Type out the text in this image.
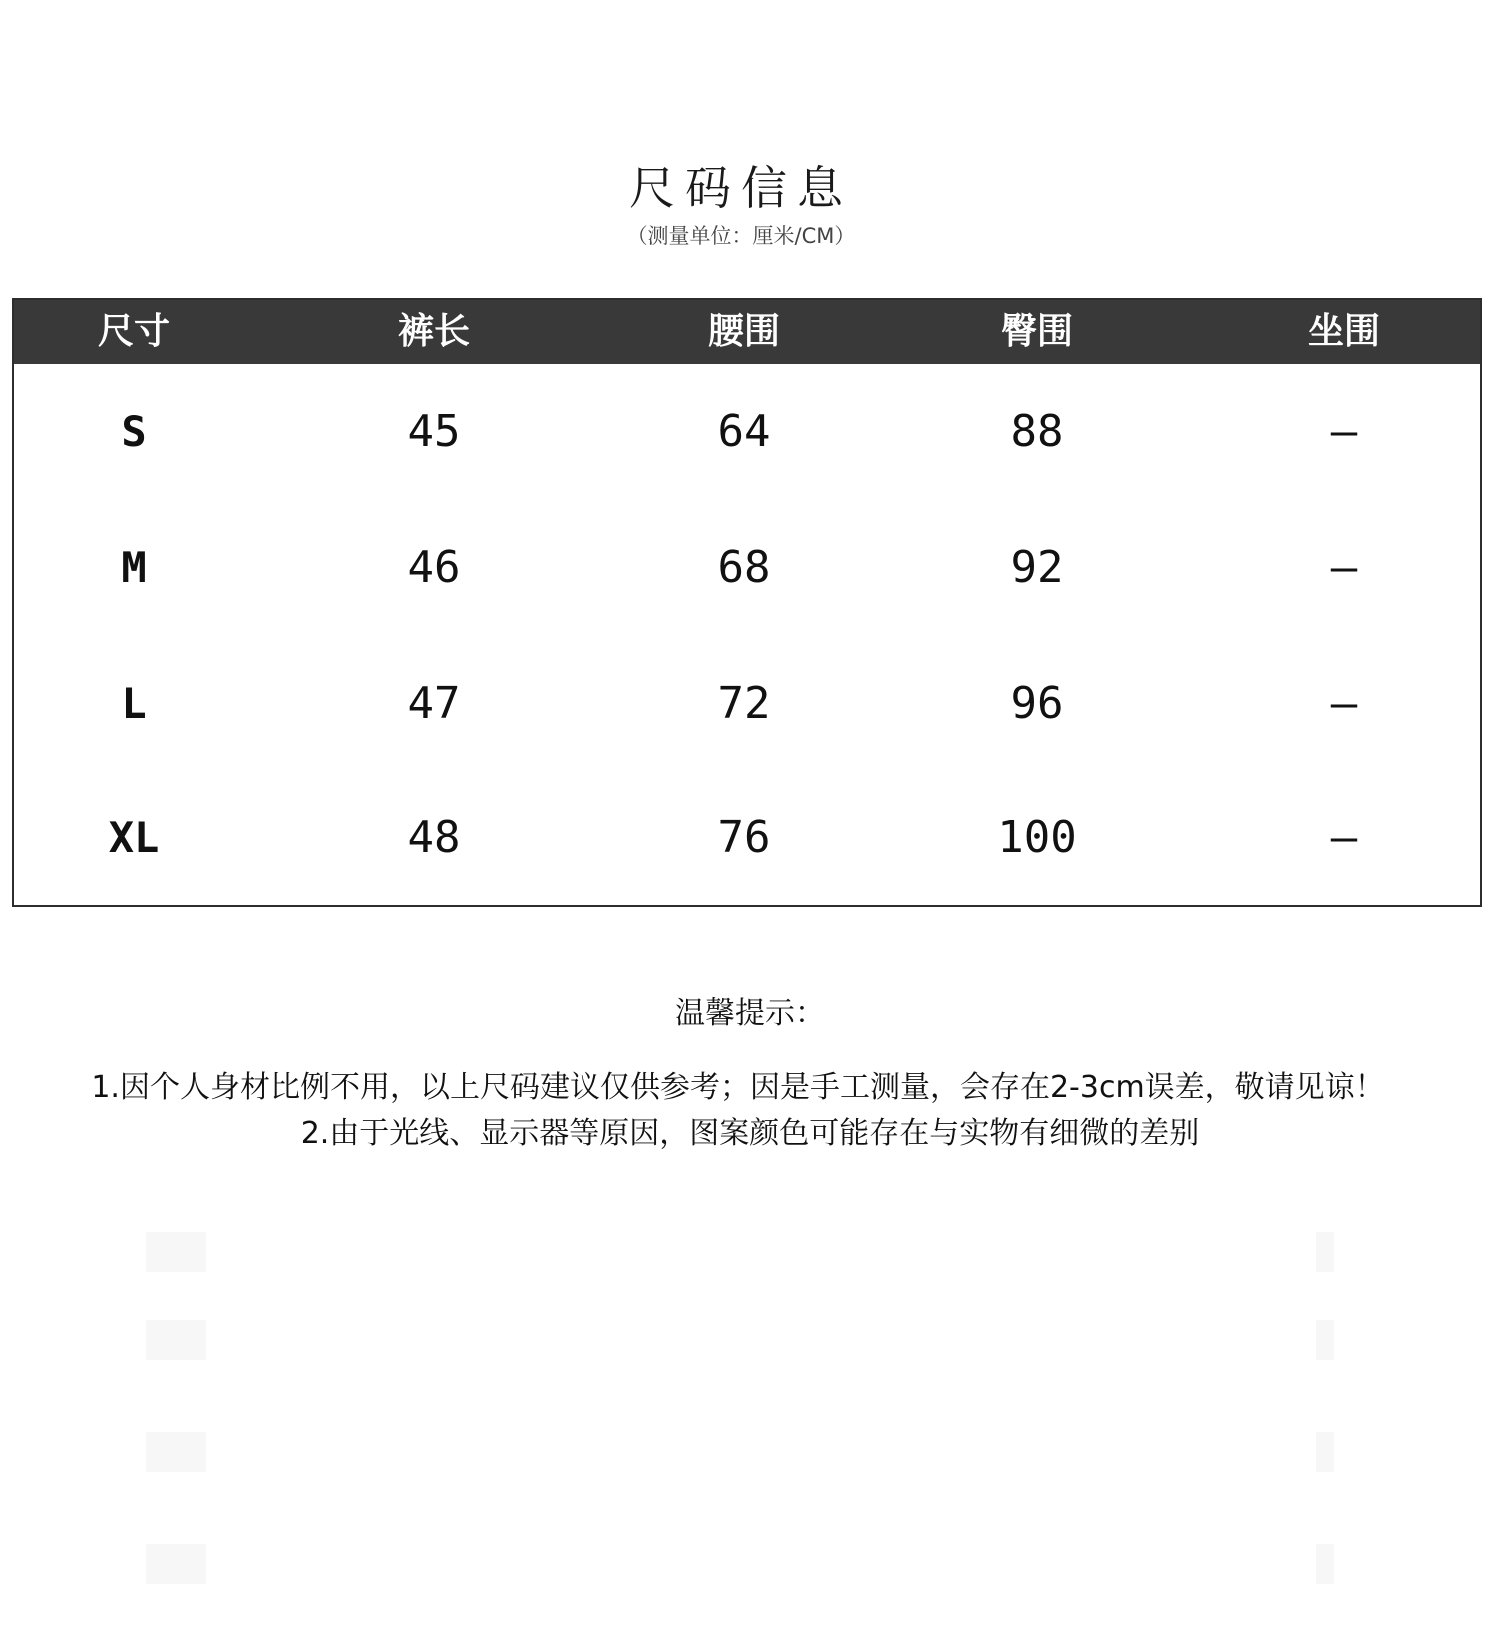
尺码信息
（测量单位：厘米/CM）
尺寸	裤长	腰围	臀围	坐围
S	45	64	88	–
M	46	68	92	–
L	47	72	96	–
XL	48	76	100	–
温馨提示：
1.因个人身材比例不用，以上尺码建议仅供参考；因是手工测量，会存在2-3cm误差，敬请见谅！
2.由于光线、显示器等原因，图案颜色可能存在与实物有细微的差别
